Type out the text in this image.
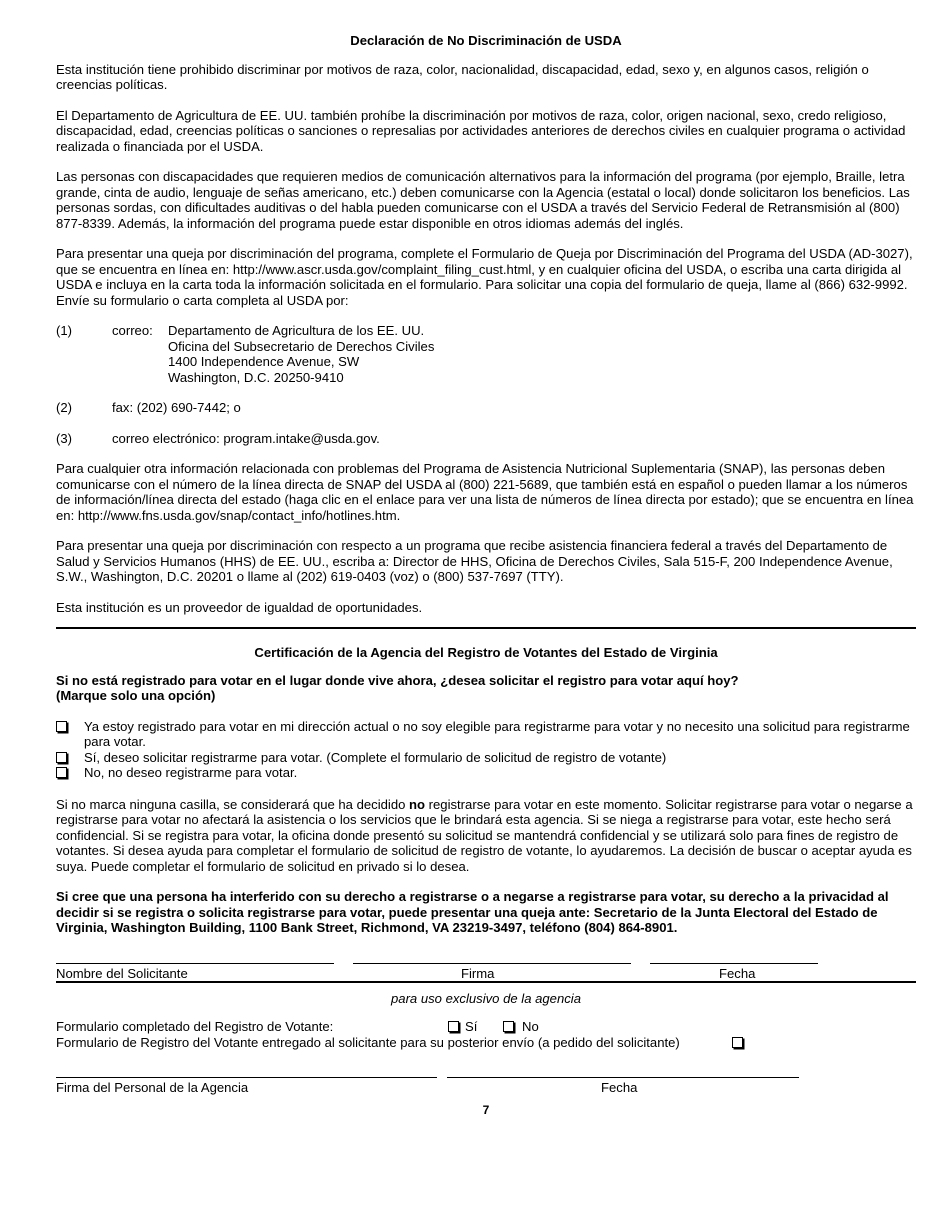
Declaración de No Discriminación de USDA

Esta institución tiene prohibido discriminar por motivos de raza, color, nacionalidad, discapacidad, edad, sexo y, en algunos casos, religión o creencias políticas.

El Departamento de Agricultura de EE. UU. también prohíbe la discriminación por motivos de raza, color, origen nacional, sexo, credo religioso, discapacidad, edad, creencias políticas o sanciones o represalias por actividades anteriores de derechos civiles en cualquier programa o actividad realizada o financiada por el USDA.

Las personas con discapacidades que requieren medios de comunicación alternativos para la información del programa (por ejemplo, Braille, letra grande, cinta de audio, lenguaje de señas americano, etc.) deben comunicarse con la Agencia (estatal o local) donde solicitaron los beneficios. Las personas sordas, con dificultades auditivas o del habla pueden comunicarse con el USDA a través del Servicio Federal de Retransmisión al (800) 877-8339. Además, la información del programa puede estar disponible en otros idiomas además del inglés.

Para presentar una queja por discriminación del programa, complete el Formulario de Queja por Discriminación del Programa del USDA (AD-3027), que se encuentra en línea en: http://www.ascr.usda.gov/complaint_filing_cust.html, y en cualquier oficina del USDA, o escriba una carta dirigida al USDA e incluya en la carta toda la información solicitada en el formulario. Para solicitar una copia del formulario de queja, llame al (866) 632-9992. Envíe su formulario o carta completa al USDA por:

(1)	correo: Departamento de Agricultura de los EE. UU.
Oficina del Subsecretario de Derechos Civiles
1400 Independence Avenue, SW
Washington, D.C. 20250-9410
(2)	fax: (202) 690-7442; o
(3)	correo electrónico: program.intake@usda.gov.

Para cualquier otra información relacionada con problemas del Programa de Asistencia Nutricional Suplementaria (SNAP), las personas deben comunicarse con el número de la línea directa de SNAP del USDA al (800) 221-5689, que también está en español o pueden llamar a los números de información/línea directa del estado (haga clic en el enlace para ver una lista de números de línea directa por estado); que se encuentra en línea en: http://www.fns.usda.gov/snap/contact_info/hotlines.htm.

Para presentar una queja por discriminación con respecto a un programa que recibe asistencia financiera federal a través del Departamento de Salud y Servicios Humanos (HHS) de EE. UU., escriba a: Director de HHS, Oficina de Derechos Civiles, Sala 515-F, 200 Independence Avenue, S.W., Washington, D.C. 20201 o llame al (202) 619-0403 (voz) o (800) 537-7697 (TTY).

Esta institución es un proveedor de igualdad de oportunidades.

Certificación de la Agencia del Registro de Votantes del Estado de Virginia
Si no está registrado para votar en el lugar donde vive ahora, ¿desea solicitar el registro para votar aquí hoy?
(Marque solo una opción)
Ya estoy registrado para votar en mi dirección actual o no soy elegible para registrarme para votar y no necesito una solicitud para registrarme para votar.
Sí, deseo solicitar registrarme para votar. (Complete el formulario de solicitud de registro de votante)
No, no deseo registrarme para votar.

Si no marca ninguna casilla, se considerará que ha decidido no registrarse para votar en este momento. Solicitar registrarse para votar o negarse a registrarse para votar no afectará la asistencia o los servicios que le brindará esta agencia. Si se niega a registrarse para votar, este hecho será confidencial. Si se registra para votar, la oficina donde presentó su solicitud se mantendrá confidencial y se utilizará solo para fines de registro de votantes. Si desea ayuda para completar el formulario de solicitud de registro de votante, lo ayudaremos. La decisión de buscar o aceptar ayuda es suya. Puede completar el formulario de solicitud en privado si lo desea.

Si cree que una persona ha interferido con su derecho a registrarse o a negarse a registrarse para votar, su derecho a la privacidad al decidir si se registra o solicita registrarse para votar, puede presentar una queja ante: Secretario de la Junta Electoral del Estado de Virginia, Washington Building, 1100 Bank Street, Richmond, VA 23219-3497, teléfono (804) 864-8901.

Nombre del Solicitante	Firma	Fecha
para uso exclusivo de la agencia
Formulario completado del Registro de Votante:	Sí	No
Formulario de Registro del Votante entregado al solicitante para su posterior envío (a pedido del solicitante)
Firma del Personal de la Agencia	Fecha
7
